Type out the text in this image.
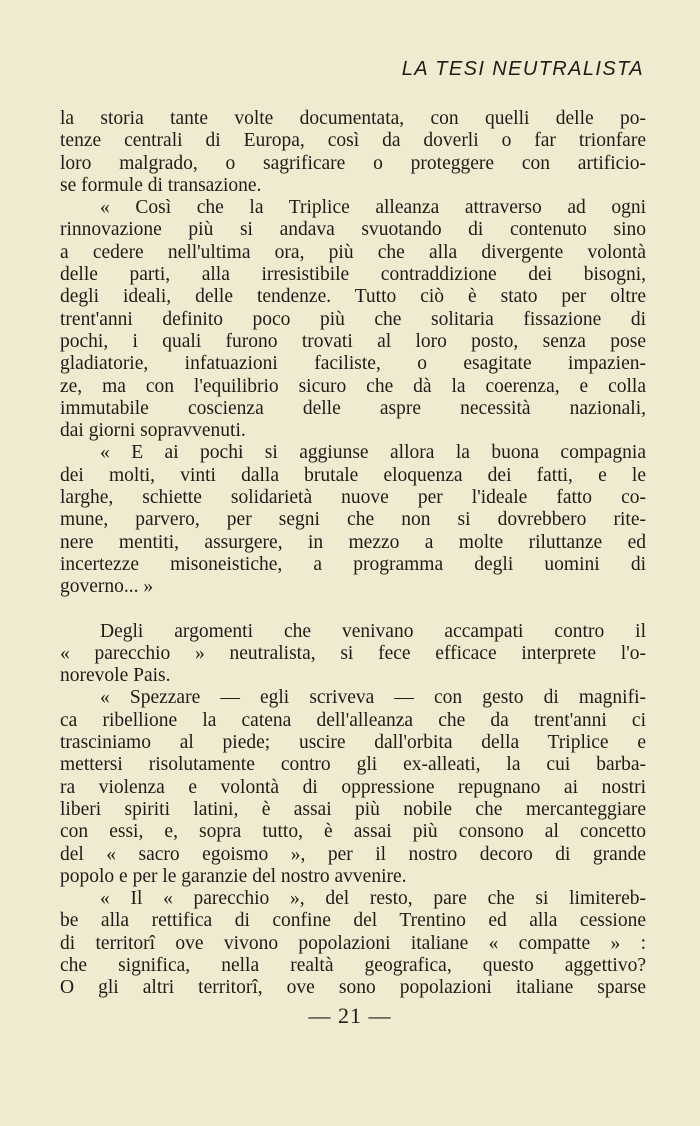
LA TESI NEUTRALISTA
la storia tante volte documentata, con quelli delle po-
tenze centrali di Europa, così da doverli o far trionfare
loro malgrado, o sagrificare o proteggere con artificio-
se formule di transazione.
« Così che la Triplice alleanza attraverso ad ogni
rinnovazione più si andava svuotando di contenuto sino
a cedere nell'ultima ora, più che alla divergente volontà
delle parti, alla irresistibile contraddizione dei bisogni,
degli ideali, delle tendenze. Tutto ciò è stato per oltre
trent'anni definito poco più che solitaria fissazione di
pochi, i quali furono trovati al loro posto, senza pose
gladiatorie, infatuazioni faciliste, o esagitate impazien-
ze, ma con l'equilibrio sicuro che dà la coerenza, e colla
immutabile coscienza delle aspre necessità nazionali,
dai giorni sopravvenuti.
« E ai pochi si aggiunse allora la buona compagnia
dei molti, vinti dalla brutale eloquenza dei fatti, e le
larghe, schiette solidarietà nuove per l'ideale fatto co-
mune, parvero, per segni che non si dovrebbero rite-
nere mentiti, assurgere, in mezzo a molte riluttanze ed
incertezze misoneistiche, a programma degli uomini di
governo... »
Degli argomenti che venivano accampati contro il
« parecchio » neutralista, si fece efficace interprete l'o-
norevole Pais.
« Spezzare — egli scriveva — con gesto di magnifi-
ca ribellione la catena dell'alleanza che da trent'anni ci
trasciniamo al piede; uscire dall'orbita della Triplice e
mettersi risolutamente contro gli ex-alleati, la cui barba-
ra violenza e volontà di oppressione repugnano ai nostri
liberi spiriti latini, è assai più nobile che mercanteggiare
con essi, e, sopra tutto, è assai più consono al concetto
del « sacro egoismo », per il nostro decoro di grande
popolo e per le garanzie del nostro avvenire.
« Il « parecchio », del resto, pare che si limitereb-
be alla rettifica di confine del Trentino ed alla cessione
di territorî ove vivono popolazioni italiane « compatte » :
che significa, nella realtà geografica, questo aggettivo?
O gli altri territorî, ove sono popolazioni italiane sparse
— 21 —
